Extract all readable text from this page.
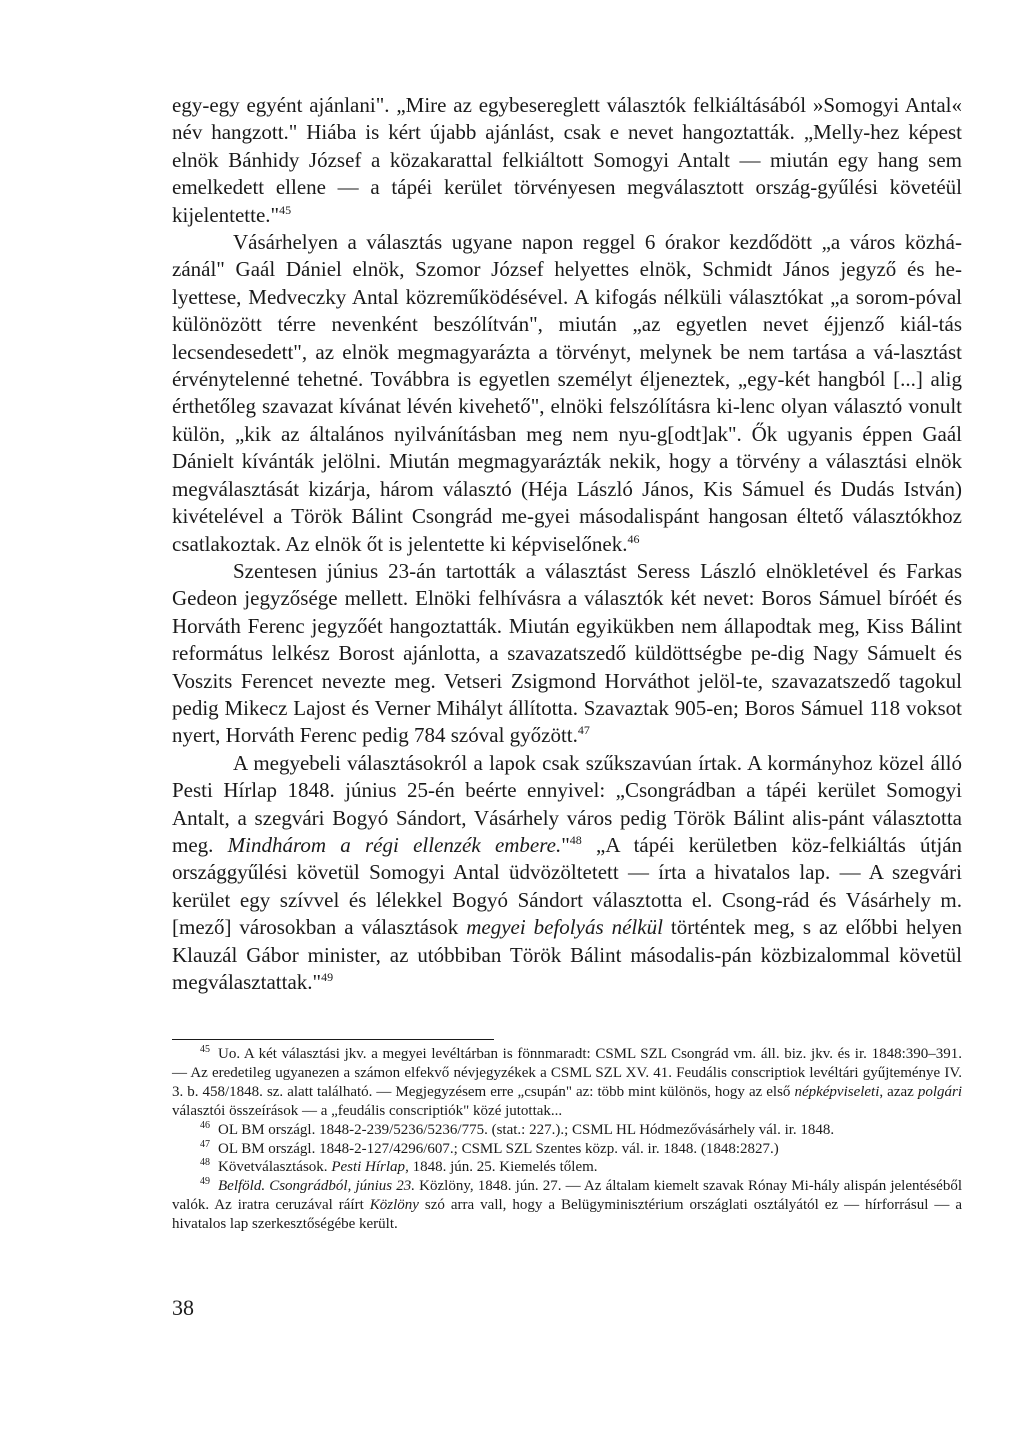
egy-egy egyént ajánlani". „Mire az egybesereglett választók felkiáltásából »Somogyi Antal« név hangzott." Hiába is kért újabb ajánlást, csak e nevet hangoztatták. „Melly-hez képest elnök Bánhidy József a közakarattal felkiáltott Somogyi Antalt — miután egy hang sem emelkedett ellene — a tápéi kerület törvényesen megválasztott ország-gyűlési követéül kijelentette."$^{45}$

Vásárhelyen a választás ugyane napon reggel 6 órakor kezdődött „a város közhá-zánál" Gaál Dániel elnök, Szomor József helyettes elnök, Schmidt János jegyző és he-lyettese, Medveczky Antal közreműködésével. A kifogás nélküli választókat „a sorom-póval különözött térre nevenként beszólítván", miután „az egyetlen nevet éjjenző kiál-tás lecsendesedett", az elnök megmagyarázta a törvényt, melynek be nem tartása a vá-lasztást érvénytelenné tehetné. Továbbra is egyetlen személyt éljeneztek, „egy-két hangból [...] alig érthetőleg szavazat kívánat lévén kivehető", elnöki felszólításra ki-lenc olyan választó vonult külön, „kik az általános nyilvánításban meg nem nyu-g[odt]ak". Ők ugyanis éppen Gaál Dánielt kívánták jelölni. Miután megmagyarázták nekik, hogy a törvény a választási elnök megválasztását kizárja, három választó (Héja László János, Kis Sámuel és Dudás István) kivételével a Török Bálint Csongrád me-gyei másodalispánt hangosan éltető választókhoz csatlakoztak. Az elnök őt is jelentette ki képviselőnek.$^{46}$

Szentesen június 23-án tartották a választást Seress László elnökletével és Farkas Gedeon jegyzősége mellett. Elnöki felhívásra a választók két nevet: Boros Sámuel bíróét és Horváth Ferenc jegyzőét hangoztatták. Miután egyikükben nem állapodtak meg, Kiss Bálint református lelkész Borost ajánlotta, a szavazatszedő küldöttségbe pe-dig Nagy Sámuelt és Voszits Ferencet nevezte meg. Vetseri Zsigmond Horváthot jelöl-te, szavazatszedő tagokul pedig Mikecz Lajost és Verner Mihályt állította. Szavaztak 905-en; Boros Sámuel 118 voksot nyert, Horváth Ferenc pedig 784 szóval győzött.$^{47}$

A megyebeli választásokról a lapok csak szűkszavúan írtak. A kormányhoz közel álló Pesti Hírlap 1848. június 25-én beérte ennyivel: „Csongrádban a tápéi kerület Somogyi Antalt, a szegvári Bogyó Sándort, Vásárhely város pedig Török Bálint alis-pánt választotta meg. Mindhárom a régi ellenzék embere."$^{48}$ „A tápéi kerületben köz-felkiáltás útján országgyűlési követül Somogyi Antal üdvözöltetett — írta a hivatalos lap. — A szegvári kerület egy szívvel és lélekkel Bogyó Sándort választotta el. Csong-rád és Vásárhely m. [mező] városokban a választások megyei befolyás nélkül történtek meg, s az előbbi helyen Klauzál Gábor minister, az utóbbiban Török Bálint másodalis-pán közbizalommal követül megválasztattak."$^{49}$

$^{45}$ Uo. A két választási jkv. a megyei levéltárban is fönnmaradt: CSML SZL Csongrád vm. áll. biz. jkv. és ir. 1848:390–391. — Az eredetileg ugyanezen a számon elfekvő névjegyzékek a CSML SZL XV. 41. Feudális conscriptiok levéltári gyűjteménye IV. 3. b. 458/1848. sz. alatt található. — Megjegyzésem erre „csupán" az: több mint különös, hogy az első népképviseleti, azaz polgári választói összeírások — a „feudális conscriptiók" közé jutottak...

$^{46}$ OL BM országl. 1848-2-239/5236/5236/775. (stat.: 227.).; CSML HL Hódmezővásárhely vál. ir. 1848.

$^{47}$ OL BM országl. 1848-2-127/4296/607.; CSML SZL Szentes közp. vál. ir. 1848. (1848:2827.)

$^{48}$ Követválasztások. Pesti Hírlap, 1848. jún. 25. Kiemelés tőlem.

$^{49}$ Belföld. Csongrádból, június 23. Közlöny, 1848. jún. 27. — Az általam kiemelt szavak Rónay Mi-hály alispán jelentéséből valók. Az iratra ceruzával ráírt Közlöny szó arra vall, hogy a Belügyminisztérium országlati osztályától ez — hírforrásul — a hivatalos lap szerkesztőségébe került.

38
